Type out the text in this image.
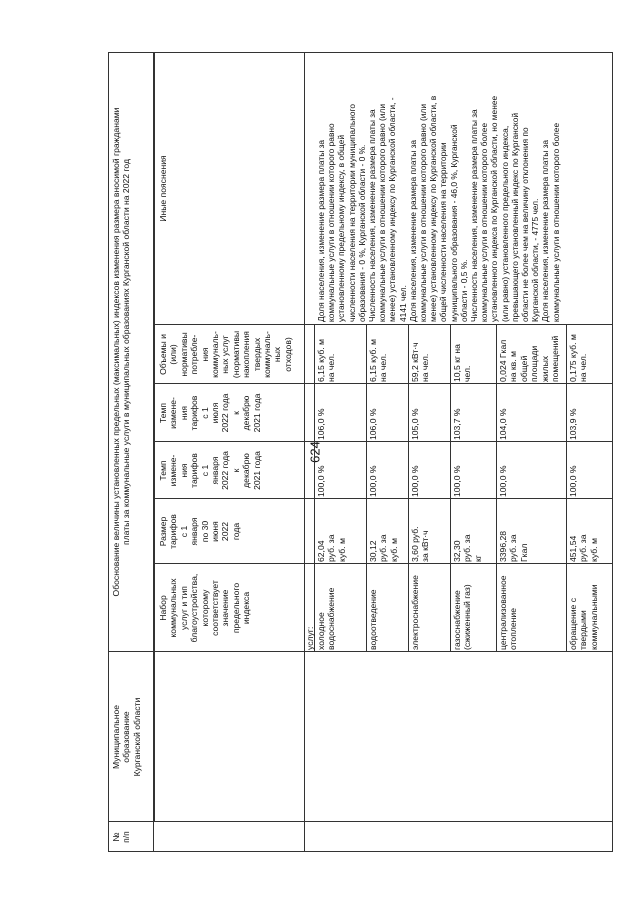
624
№
п/п
Муниципальное
образование
Курганской области
Обоснование величины установленных предельных (максимальных) индексов изменения размера вносимой гражданами
платы за коммунальные услуги в муниципальных образованиях Курганской области на 2022 год
Набор
коммунальных
услуг и тип
благоустройства,
которому
соответствует
значение
предельного
индекса
Размер
тарифов
с 1
января
по 30
июня
2022
года
Темп
измене-
ния
тарифов
с 1
января
2022 года
к
декабрю
2021 года
Темп
измене-
ния
тарифов
с 1
июля
2022 года
к
декабрю
2021 года
Объемы и
(или)
нормативы
потребле-
ния
коммуналь-
ных услуг
(нормативы
накопления
твердых
коммуналь-
ных
отходов)
Иные пояснения
услуг: холодное
водоснабжение
62,04
руб. за
куб. м
100,0 %
106,0 %
6,15 куб. м
на чел.
водоотведение
30,12
руб. за
куб. м
100,0 %
106,0 %
6,15 куб. м
на чел.
электроснабжение
3,60 руб.
за кВт·ч
100,0 %
105,0 %
59,2 кВт·ч
на чел.
газоснабжение
(сжиженный газ)
32,30
руб. за
кг
100,0 %
103,7 %
10,5 кг на
чел.
централизованное
отопление
3396,28
руб. за
Гкал
100,0 %
104,0 %
0,024 Гкал
на кв. м
общей
площади
жилых
помещений
обращение с
твердыми
коммунальными
451,54
руб. за
куб. м
100,0 %
103,9 %
0,175 куб. м
на чел.
Доля населения, изменение размера платы за
коммунальные услуги в отношении которого равно
установленному предельному индексу, в общей
численности населения на территории муниципального
образования - 0 %, Курганской области - 0 %.
Численность населения, изменение размера платы за
коммунальные услуги в отношении которого равно (или
менее) установленному индексу по Курганской области, -
4141 чел.
Доля населения, изменение размера платы за
коммунальные услуги в отношении которого равно (или
менее) установленному индексу по Курганской области, в
общей численности населения на территории
муниципального образования - 46,0 %, Курганской
области - 0,5 %.
Численность населения, изменение размера платы за
коммунальные услуги в отношении которого более
установленного индекса по Курганской области, но менее
(или равно) установленного предельного индекса,
превышающего установленный индекс по Курганской
области не более чем на величину отклонения по
Курганской области, - 4775 чел.
Доля населения, изменение размера платы за
коммунальные услуги в отношении которого более
